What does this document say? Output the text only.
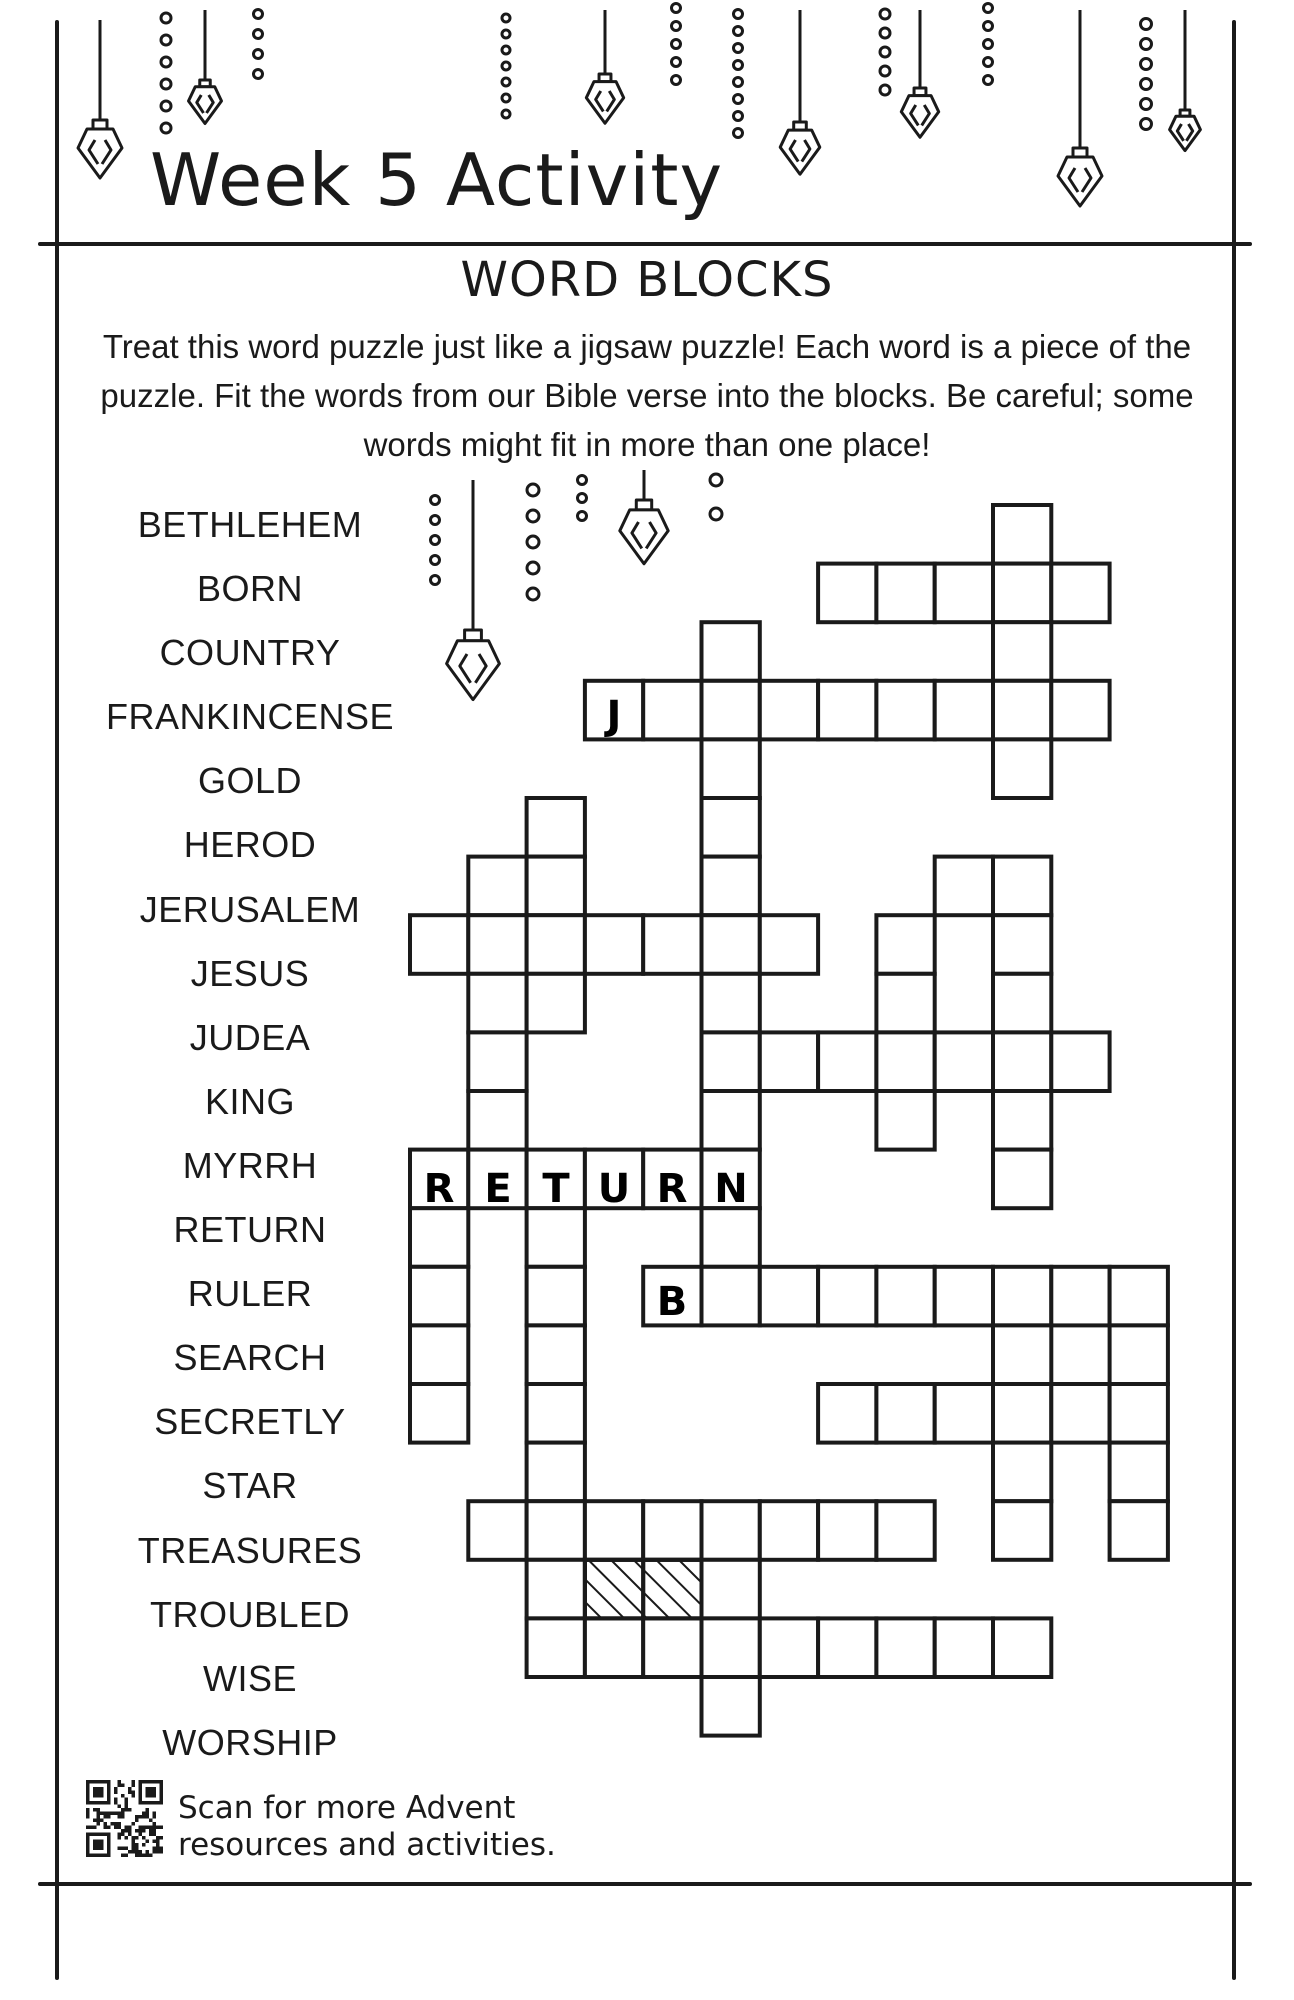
Week 5 Activity
WORD BLOCKS
Treat this word puzzle just like a jigsaw puzzle! Each word is a piece of the puzzle. Fit the words from our Bible verse into the blocks. Be careful; some words might fit in more than one place!
BETHLEHEM
BORN
COUNTRY
FRANKINCENSE
GOLD
HEROD
JERUSALEM
JESUS
JUDEA
KING
MYRRH
RETURN
RULER
SEARCH
SECRETLY
STAR
TREASURES
TROUBLED
WISE
WORSHIP
J
R E T U R N
B
Scan for more Advent
resources and activities.
